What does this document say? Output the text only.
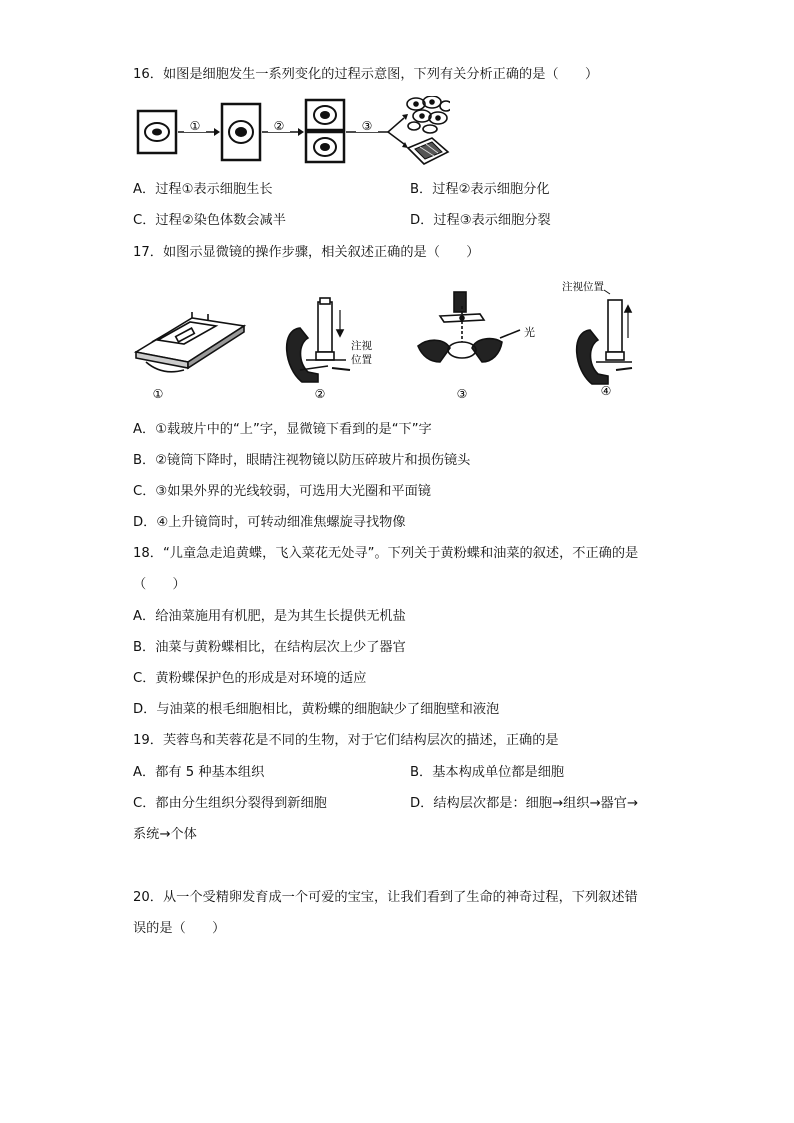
16．如图是细胞发生一系列变化的过程示意图，下列有关分析正确的是（　　）
①	②	③
A．过程①表示细胞生长	B．过程②表示细胞分化
C．过程②染色体数会减半	D．过程③表示细胞分裂
17．如图示显微镜的操作步骤，相关叙述正确的是（　　）
①
注视
位置
②
光
③
注视位置
④
A．①载玻片中的“上”字，显微镜下看到的是“下”字
B．②镜筒下降时，眼睛注视物镜以防压碎玻片和损伤镜头
C．③如果外界的光线较弱，可选用大光圈和平面镜
D．④上升镜筒时，可转动细准焦螺旋寻找物像
18．“儿童急走追黄蝶，飞入菜花无处寻”。下列关于黄粉蝶和油菜的叙述，不正确的是
（　　）
A．给油菜施用有机肥，是为其生长提供无机盐
B．油菜与黄粉蝶相比，在结构层次上少了器官
C．黄粉蝶保护色的形成是对环境的适应
D．与油菜的根毛细胞相比，黄粉蝶的细胞缺少了细胞壁和液泡
19．芙蓉鸟和芙蓉花是不同的生物，对于它们结构层次的描述，正确的是
A．都有 5 种基本组织	B．基本构成单位都是细胞
C．都由分生组织分裂得到新细胞	D．结构层次都是：细胞→组织→器官→
系统→个体
20．从一个受精卵发育成一个可爱的宝宝，让我们看到了生命的神奇过程，下列叙述错
误的是（　　）
